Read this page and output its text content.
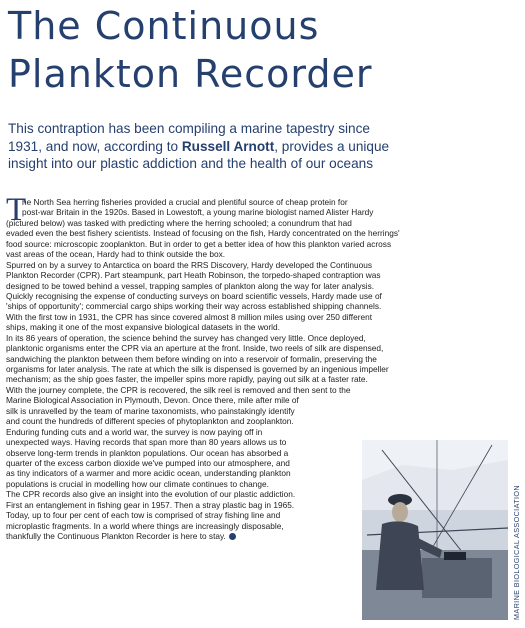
The Continuous
Plankton Recorder

This contraption has been compiling a marine tapestry since
1931, and now, according to Russell Arnott, provides a unique
insight into our plastic addiction and the health of our oceans

T
he North Sea herring fisheries provided a crucial and plentiful source of cheap protein for
post-war Britain in the 1920s. Based in Lowestoft, a young marine biologist named Alister Hardy
(pictured below) was tasked with predicting where the herring schooled; a conundrum that had
evaded even the best fishery scientists. Instead of focusing on the fish, Hardy concentrated on the herrings'
food source: microscopic zooplankton. But in order to get a better idea of how this plankton varied across
vast areas of the ocean, Hardy had to think outside the box.
Spurred on by a survey to Antarctica on board the RRS Discovery, Hardy developed the Continuous
Plankton Recorder (CPR). Part steampunk, part Heath Robinson, the torpedo-shaped contraption was
designed to be towed behind a vessel, trapping samples of plankton along the way for later analysis.
Quickly recognising the expense of conducting surveys on board scientific vessels, Hardy made use of
'ships of opportunity'; commercial cargo ships working their way across established shipping channels.
With the first tow in 1931, the CPR has since covered almost 8 million miles using over 250 different
ships, making it one of the most expansive biological datasets in the world.
In its 86 years of operation, the science behind the survey has changed very little. Once deployed,
planktonic organisms enter the CPR via an aperture at the front. Inside, two reels of silk are dispensed,
sandwiching the plankton between them before winding on into a reservoir of formalin, preserving the
organisms for later analysis. The rate at which the silk is dispensed is governed by an ingenious impeller
mechanism; as the ship goes faster, the impeller spins more rapidly, paying out silk at a faster rate.
With the journey complete, the CPR is recovered, the silk reel is removed and then sent to the
Marine Biological Association in Plymouth, Devon. Once there, mile after mile of
silk is unravelled by the team of marine taxonomists, who painstakingly identify
and count the hundreds of different species of phytoplankton and zooplankton.
Enduring funding cuts and a world war, the survey is now paying off in
unexpected ways. Having records that span more than 80 years allows us to
observe long-term trends in plankton populations. Our ocean has absorbed a
quarter of the excess carbon dioxide we've pumped into our atmosphere, and
as tiny indicators of a warmer and more acidic ocean, understanding plankton
populations is crucial in modelling how our climate continues to change.
The CPR records also give an insight into the evolution of our plastic addiction.
First an entanglement in fishing gear in 1957. Then a stray plastic bag in 1965.
Today, up to four per cent of each tow is comprised of stray fishing line and
microplastic fragments. In a world where things are increasingly disposable,
thankfully the Continuous Plankton Recorder is here to stay.	MARINE BIOLOGICAL ASSOCIATION
